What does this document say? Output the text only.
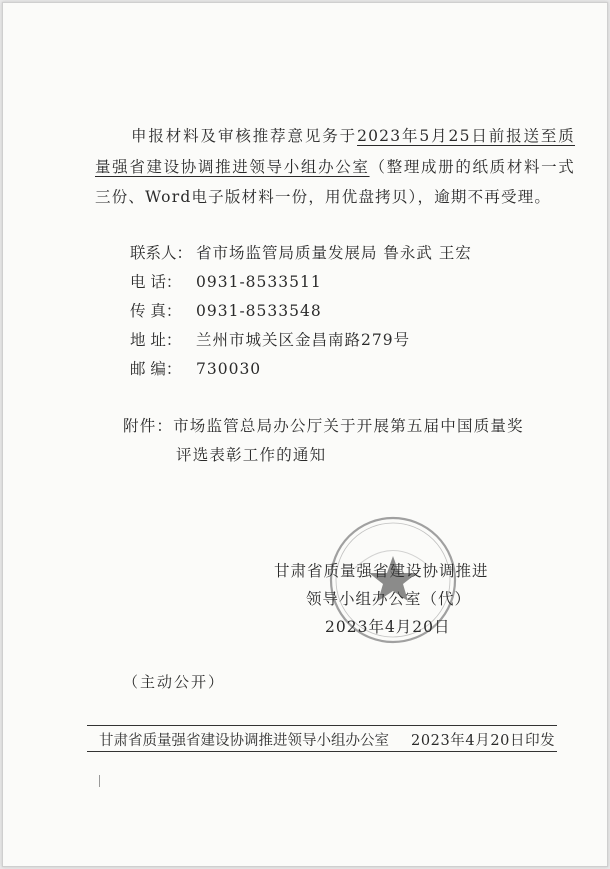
申报材料及审核推荐意见务于2023年5月25日前报送至质量强省建设协调推进领导小组办公室（整理成册的纸质材料一式三份、Word电子版材料一份，用优盘拷贝），逾期不再受理。
联系人： 省市场监管局质量发展局 鲁永武 王宏
电 话： 0931-8533511
传 真： 0931-8533548
地 址： 兰州市城关区金昌南路279号
邮 编： 730030
附件：市场监管总局办公厅关于开展第五届中国质量奖
评选表彰工作的通知
甘肃省质量强省建设协调推进
领导小组办公室（代）
2023年4月20日
（主动公开）
甘肃省质量强省建设协调推进领导小组办公室 2023年4月20日印发
